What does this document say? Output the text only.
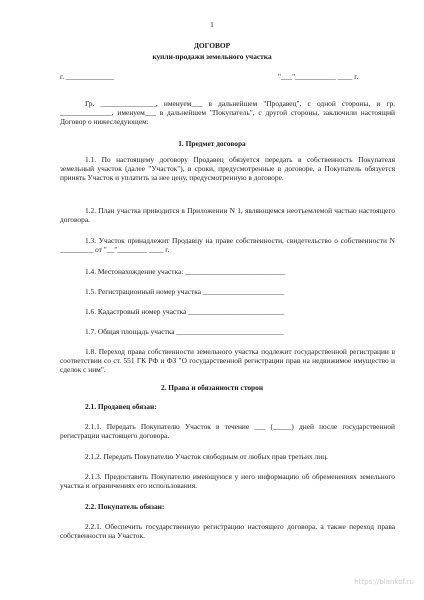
1
ДОГОВОР
купли-продажи земельного участка
г. _____________	"___"___________ ____ г.
Гр. _______________, именуем___ в дальнейшем "Продавец", с одной стороны, и гр. ______________, именуем___ в дальнейшем "Покупатель", с другой стороны, заключили настоящий Договор о нижеследующем:
1. Предмет договора
1.1. По настоящему договору Продавец обязуется передать в собственность Покупателя земельный участок (далее "Участок"), в сроки, предусмотренные в договоре, а Покупатель обязуется принять Участок и уплатить за нее цену, предусмотренную в договоре.
1.2. План участка приводится в Приложении N 1, являющемся неотъемлемой частью настоящего договора.
1.3. Участок принадлежит Продавцу на праве собственности, свидетельство о собственности N _________ от "__"________ ____ г.
1.4. Местонахождение участка: ___________________________
1.5. Регистрационный номер участка ______________________
1.6. Кадастровый номер участка __________________________
1.7. Общая площадь участка _____________________________
1.8. Переход права собственности земельного участка подлежит государственной регистрации в соответствии со ст. 551 ГК РФ и ФЗ "О государственной регистрации прав на недвижимое имущество и сделок с ним".
2. Права и обязанности сторон
2.1. Продавец обязан:
2.1.1. Передать Покупателю Участок в течение ___ (_____) дней после государственной регистрации настоящего договора.
2.1.2. Передать Покупателю Участок свободным от любых прав третьих лиц.
2.1.3. Предоставить Покупателю имеющуюся у него информацию об обременениях земельного участка и ограничениях его использования.
2.2. Покупатель обязан:
2.2.1. Обеспечить государственную регистрацию настоящего договора, а также переход права собственности на Участок.
https://blankof.ru
